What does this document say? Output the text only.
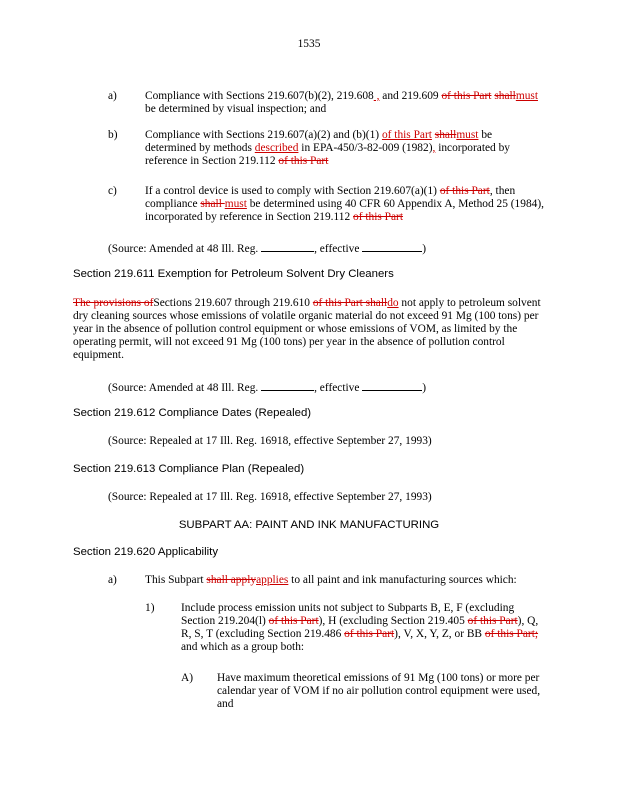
1535
a)	Compliance with Sections 219.607(b)(2), 219.608 , and 219.609 of this Part shallmust be determined by visual inspection; and
b)	Compliance with Sections 219.607(a)(2) and (b)(1) of this Part shallmust be determined by methods described in EPA-450/3-82-009 (1982), incorporated by reference in Section 219.112 of this Part
c)	If a control device is used to comply with Section 219.607(a)(1) of this Part, then compliance shall must be determined using 40 CFR 60 Appendix A, Method 25 (1984), incorporated by reference in Section 219.112 of this Part
(Source: Amended at 48 Ill. Reg.	, effective	)
Section 219.611 Exemption for Petroleum Solvent Dry Cleaners
The provisions ofSections 219.607 through 219.610 of this Part shalldo not apply to petroleum solvent dry cleaning sources whose emissions of volatile organic material do not exceed 91 Mg (100 tons) per year in the absence of pollution control equipment or whose emissions of VOM, as limited by the operating permit, will not exceed 91 Mg (100 tons) per year in the absence of pollution control equipment.
(Source: Amended at 48 Ill. Reg.	, effective	)
Section 219.612 Compliance Dates (Repealed)
(Source: Repealed at 17 Ill. Reg. 16918, effective September 27, 1993)
Section 219.613 Compliance Plan (Repealed)
(Source: Repealed at 17 Ill. Reg. 16918, effective September 27, 1993)
SUBPART AA: PAINT AND INK MANUFACTURING
Section 219.620 Applicability
a)	This Subpart shall applyapplies to all paint and ink manufacturing sources which:
1)	Include process emission units not subject to Subparts B, E, F (excluding Section 219.204(l) of this Part), H (excluding Section 219.405 of this Part), Q, R, S, T (excluding Section 219.486 of this Part), V, X, Y, Z, or BB of this Part; and which as a group both:
A)	Have maximum theoretical emissions of 91 Mg (100 tons) or more per calendar year of VOM if no air pollution control equipment were used, and
